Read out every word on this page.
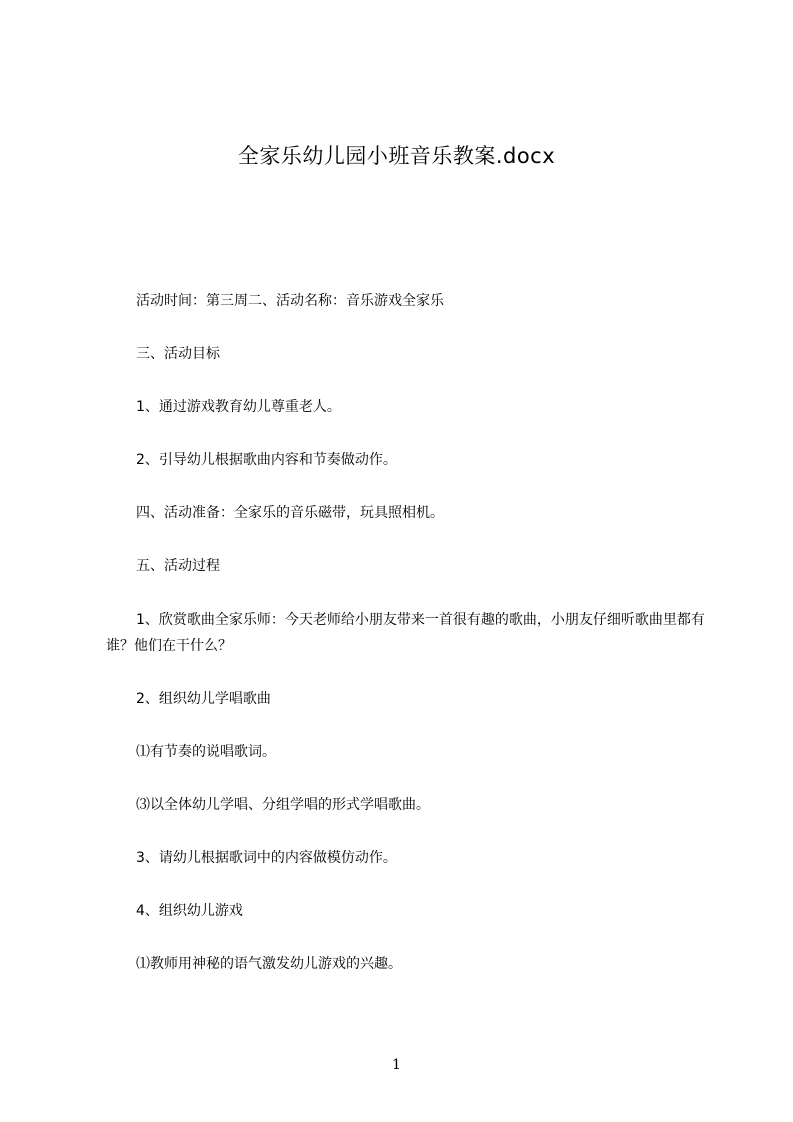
全家乐幼儿园小班音乐教案.docx
活动时间：第三周二、活动名称：音乐游戏全家乐
三、活动目标
1、通过游戏教育幼儿尊重老人。
2、引导幼儿根据歌曲内容和节奏做动作。
四、活动准备：全家乐的音乐磁带，玩具照相机。
五、活动过程
1、欣赏歌曲全家乐师：今天老师给小朋友带来一首很有趣的歌曲，小朋友仔细听歌曲里都有谁？他们在干什么？
2、组织幼儿学唱歌曲
⑴有节奏的说唱歌词。
⑶以全体幼儿学唱、分组学唱的形式学唱歌曲。
3、请幼儿根据歌词中的内容做模仿动作。
4、组织幼儿游戏
⑴教师用神秘的语气激发幼儿游戏的兴趣。
1
